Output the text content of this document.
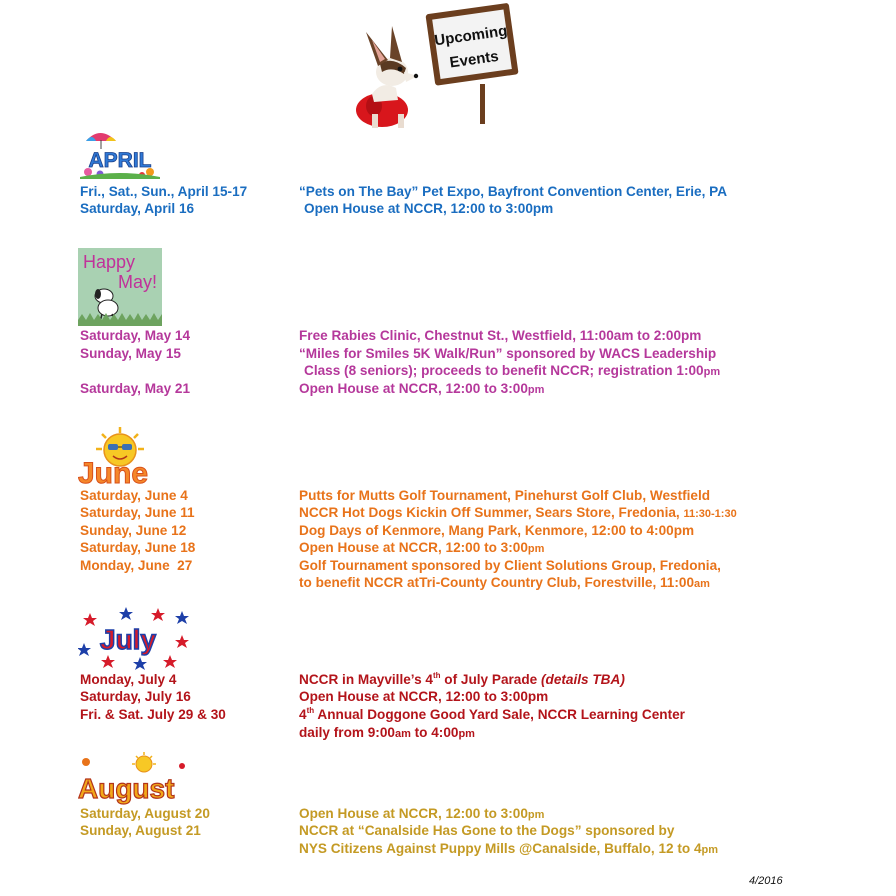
Upcoming
Events
APRIL
Fri., Sat., Sun., April 15-17	“Pets on The Bay” Pet Expo, Bayfront Convention Center, Erie, PA
Saturday, April 16	Open House at NCCR, 12:00 to 3:00pm
Happy
May!
Saturday, May 14	Free Rabies Clinic, Chestnut St., Westfield, 11:00am to 2:00pm
Sunday, May 15	“Miles for Smiles 5K Walk/Run” sponsored by WACS Leadership
Class (8 seniors); proceeds to benefit NCCR; registration 1:00pm
Saturday, May 21	Open House at NCCR, 12:00 to 3:00pm
June
Saturday, June 4	Putts for Mutts Golf Tournament, Pinehurst Golf Club, Westfield
Saturday, June 11	NCCR Hot Dogs Kickin Off Summer, Sears Store, Fredonia, 11:30-1:30
Sunday, June 12	Dog Days of Kenmore, Mang Park, Kenmore, 12:00 to 4:00pm
Saturday, June 18	Open House at NCCR, 12:00 to 3:00pm
Monday, June  27	Golf Tournament sponsored by Client Solutions Group, Fredonia,
to benefit NCCR atTri-County Country Club, Forestville, 11:00am
July
Monday, July 4	NCCR in Mayville’s 4th of July Parade (details TBA)
Saturday, July 16	Open House at NCCR, 12:00 to 3:00pm
Fri. & Sat. July 29 & 30	4th Annual Doggone Good Yard Sale, NCCR Learning Center
daily from 9:00am to 4:00pm
August
Saturday, August 20	Open House at NCCR, 12:00 to 3:00pm
Sunday, August 21	NCCR at “Canalside Has Gone to the Dogs” sponsored by
NYS Citizens Against Puppy Mills @Canalside, Buffalo, 12 to 4pm
4/2016
